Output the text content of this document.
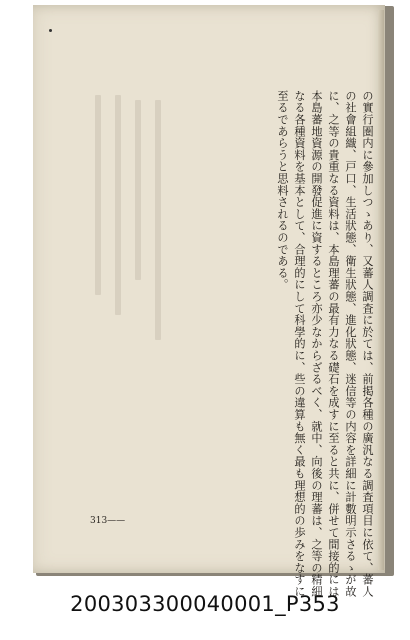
の實行圏内に參加しつゝあり、又蕃人調査に於ては、前掲各種の廣汎なる調査項目に依て、蕃人
の社會組織、戸口、生活狀態、衛生狀態、進化狀態、迷信等の内容を詳細に計數明示さるゝが故
に、之等の貴重なる資料は、本島理蕃の最有力なる礎石を成すに至ると共に、併せて間接的には
本島蕃地資源の開發促進に資するところ亦少なからざるべく、就中、向後の理蕃は、之等の精細
なる各種資料を基本として、合理的にして科學的に、些の違算も無く最も理想的の歩みをなすに
至るであらうと思料されるのである。
313——
200303300040001_P353
